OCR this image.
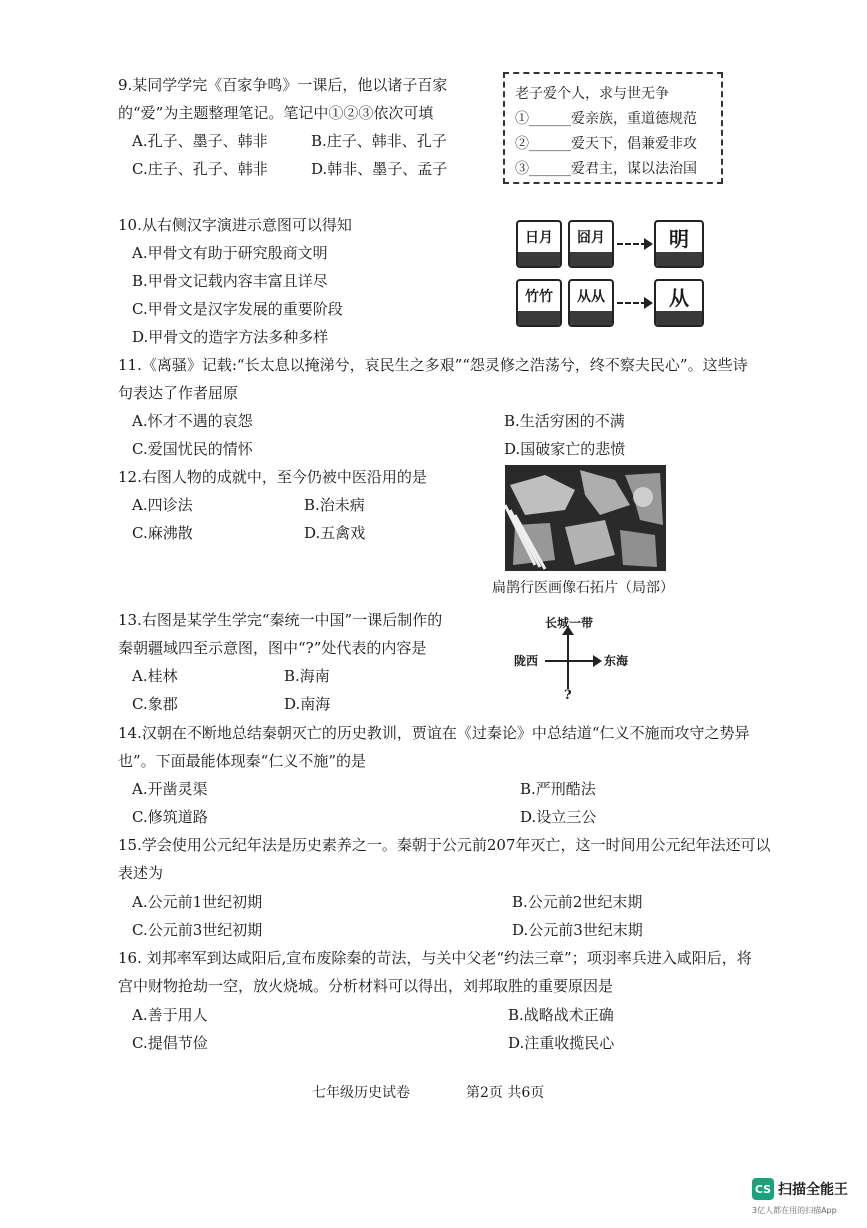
9.某同学学完《百家争鸣》一课后，他以诸子百家
的“爱”为主题整理笔记。笔记中①②③依次可填
A.孔子、墨子、韩非	B.庄子、韩非、孔子
C.庄子、孔子、韩非	D.韩非、墨子、孟子
老子爱个人，求与世无争
①______爱亲族，重道德规范
②______爱天下，倡兼爱非攻
③______爱君主，谋以法治国
10.从右侧汉字演进示意图可以得知
A.甲骨文有助于研究殷商文明
B.甲骨文记载内容丰富且详尽
C.甲骨文是汉字发展的重要阶段
D.甲骨文的造字方法多种多样
日月	囧月	明
竹竹	从从	从
11.《离骚》记载:“长太息以掩涕兮，哀民生之多艰”“怨灵修之浩荡兮，终不察夫民心”。这些诗
句表达了作者屈原
A.怀才不遇的哀怨	B.生活穷困的不满
C.爱国忧民的情怀	D.国破家亡的悲愤
12.右图人物的成就中，至今仍被中医沿用的是
A.四诊法	B.治未病
C.麻沸散	D.五禽戏
扁鹊行医画像石拓片（局部）
13.右图是某学生学完“秦统一中国”一课后制作的
秦朝疆域四至示意图，图中“?”处代表的内容是
A.桂林	B.海南
C.象郡	D.南海
长城一带
陇西	东海
?
14.汉朝在不断地总结秦朝灭亡的历史教训，贾谊在《过秦论》中总结道“仁义不施而攻守之势异
也”。下面最能体现秦“仁义不施”的是
A.开凿灵渠	B.严刑酷法
C.修筑道路	D.设立三公
15.学会使用公元纪年法是历史素养之一。秦朝于公元前207年灭亡，这一时间用公元纪年法还可以
表述为
A.公元前1世纪初期	B.公元前2世纪末期
C.公元前3世纪初期	D.公元前3世纪末期
16. 刘邦率军到达咸阳后,宣布废除秦的苛法，与关中父老“约法三章”；项羽率兵进入咸阳后，将
宫中财物抢劫一空，放火烧城。分析材料可以得出，刘邦取胜的重要原因是
A.善于用人	B.战略战术正确
C.提倡节俭	D.注重收揽民心
七年级历史试卷	第2页 共6页
CS 扫描全能王
3亿人都在用的扫描App
